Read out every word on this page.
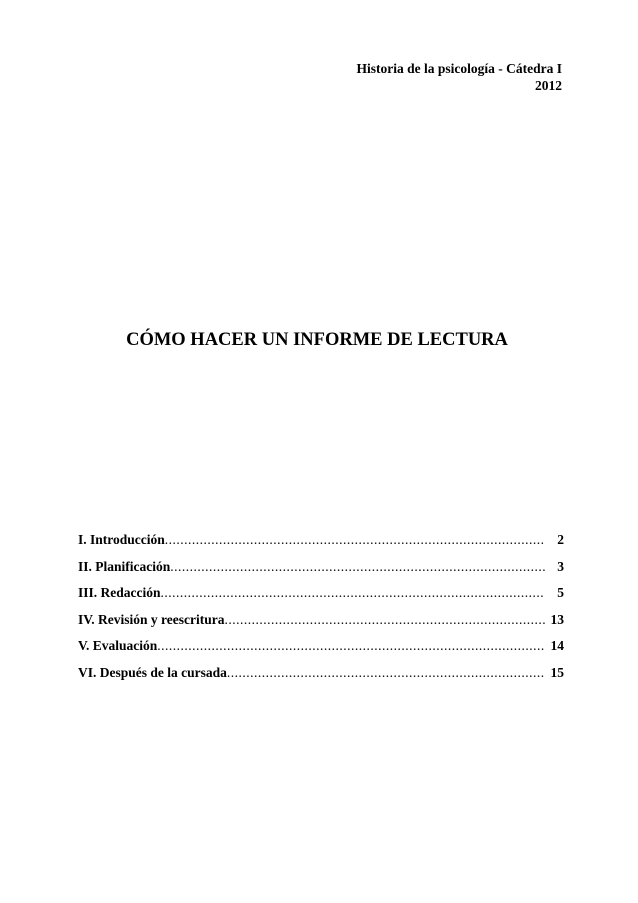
Historia de la psicología - Cátedra I
2012
CÓMO HACER UN INFORME DE LECTURA
I. Introducción .....	2
II. Planificación .....	3
III. Redacción .....	5
IV. Revisión y reescritura .....	13
V. Evaluación .....	14
VI. Después de la cursada .....	15
